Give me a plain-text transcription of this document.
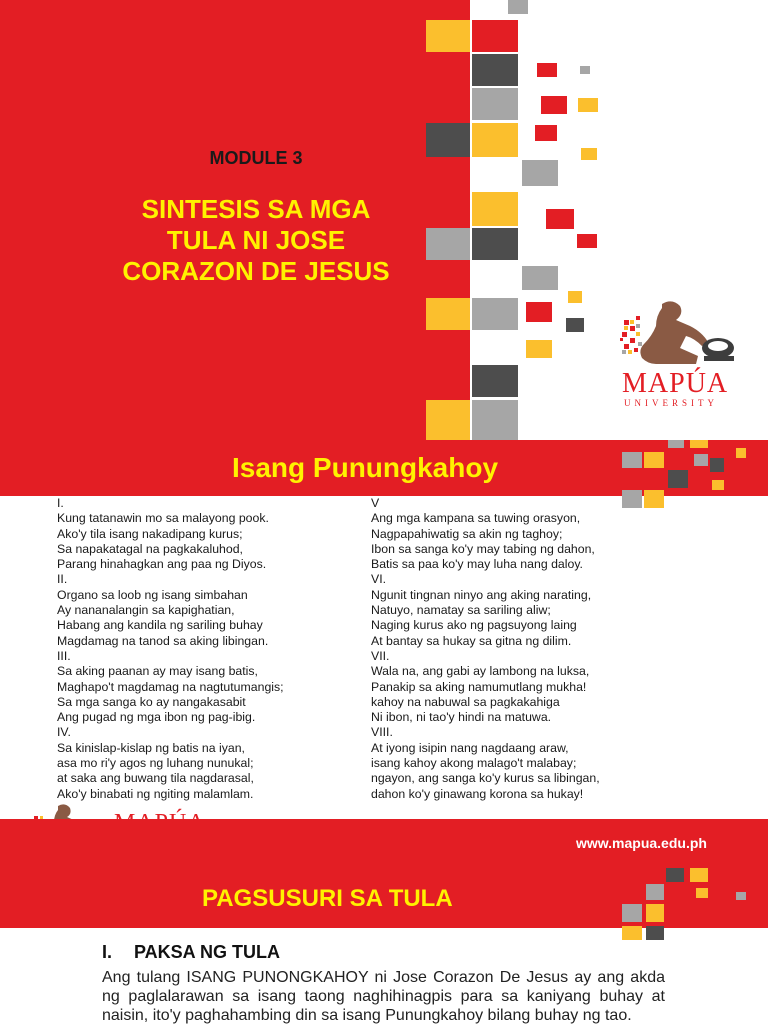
MODULE 3
SINTESIS SA MGA
TULA NI JOSE
CORAZON DE JESUS
MAPÚA
UNIVERSITY
Isang Punungkahoy
I.
Kung tatanawin mo sa malayong pook.
Ako'y tila isang nakadipang kurus;
Sa napakatagal na pagkakaluhod,
Parang hinahagkan ang paa ng Diyos.
II.
Organo sa loob ng isang simbahan
Ay nananalangin sa kapighatian,
Habang ang kandila ng sariling buhay
Magdamag na tanod sa aking libingan.
III.
Sa aking paanan ay may isang batis,
Maghapo't magdamag na nagtutumangis;
Sa mga sanga ko ay nangakasabit
Ang pugad ng mga ibon ng pag-ibig.
IV.
Sa kinislap-kislap ng batis na iyan,
asa mo ri'y agos ng luhang nunukal;
at saka ang buwang tila nagdarasal,
Ako'y binabati ng ngiting malamlam.
V
Ang mga kampana sa tuwing orasyon,
Nagpapahiwatig sa akin ng taghoy;
Ibon sa sanga ko'y may tabing ng dahon,
Batis sa paa ko'y may luha nang daloy.
VI.
Ngunit tingnan ninyo ang aking narating,
Natuyo, namatay sa sariling aliw;
Naging kurus ako ng pagsuyong laing
At bantay sa hukay sa gitna ng dilim.
VII.
Wala na, ang gabi ay lambong na luksa,
Panakip sa aking namumutlang mukha!
kahoy na nabuwal sa pagkakahiga
Ni ibon, ni tao'y hindi na matuwa.
VIII.
At iyong isipin nang nagdaang araw,
isang kahoy akong malago't malabay;
ngayon, ang sanga ko'y kurus sa libingan,
dahon ko'y ginawang korona sa hukay!
www.mapua.edu.ph
PAGSUSURI SA TULA
I. PAKSA NG TULA

Ang tulang ISANG PUNONGKAHOY ni Jose Corazon De Jesus ay ang akda ng paglalarawan sa isang taong naghihinagpis para sa kaniyang buhay at naisin, ito'y paghahambing din sa isang Punungkahoy bilang buhay ng tao.
